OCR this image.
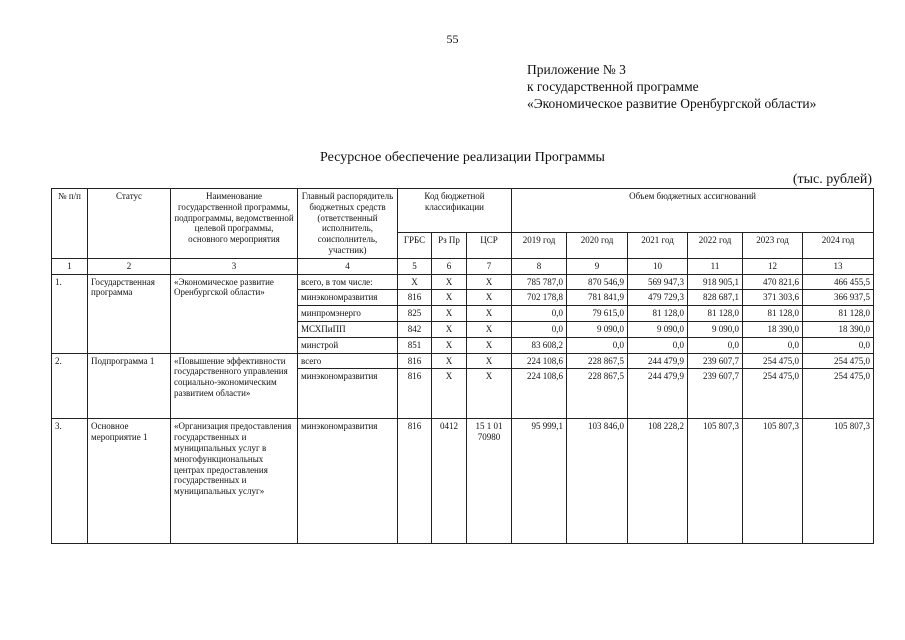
55
Приложение № 3
к государственной программе
«Экономическое развитие Оренбургской области»
Ресурсное обеспечение реализации Программы
(тыс. рублей)
№ п/п	Статус	Наименование государственной программы, подпрограммы, ведомственной целевой программы, основного мероприятия	Главный распорядитель бюджетных средств (ответственный исполнитель, соисполнитель, участник)	Код бюджетной классификации			Объем бюджетных ассигнований					
				ГРБС	Рз Пр	ЦСР	2019 год	2020 год	2021 год	2022 год	2023 год	2024 год
1	2	3	4	5	6	7	8	9	10	11	12	13
1.	Государственная программа	«Экономическое развитие Оренбургской области»	всего, в том числе:	X	X	X	785 787,0	870 546,9	569 947,3	918 905,1	470 821,6	466 455,5
			минэкономразвития	816	X	X	702 178,8	781 841,9	479 729,3	828 687,1	371 303,6	366 937,5
			минпромэнерго	825	X	X	0,0	79 615,0	81 128,0	81 128,0	81 128,0	81 128,0
			МСХПиПП	842	X	X	0,0	9 090,0	9 090,0	9 090,0	18 390,0	18 390,0
			минстрой	851	X	X	83 608,2	0,0	0,0	0,0	0,0	0,0
2.	Подпрограмма 1	«Повышение эффективности государственного управления социально-экономическим развитием области»	всего	816	X	X	224 108,6	228 867,5	244 479,9	239 607,7	254 475,0	254 475,0
			минэкономразвития	816	X	X	224 108,6	228 867,5	244 479,9	239 607,7	254 475,0	254 475,0
3.	Основное мероприятие 1	«Организация предоставления государственных и муниципальных услуг в многофункциональных центрах предоставления государственных и муниципальных услуг»	минэкономразвития	816	0412	15 1 01 70980	95 999,1	103 846,0	108 228,2	105 807,3	105 807,3	105 807,3
